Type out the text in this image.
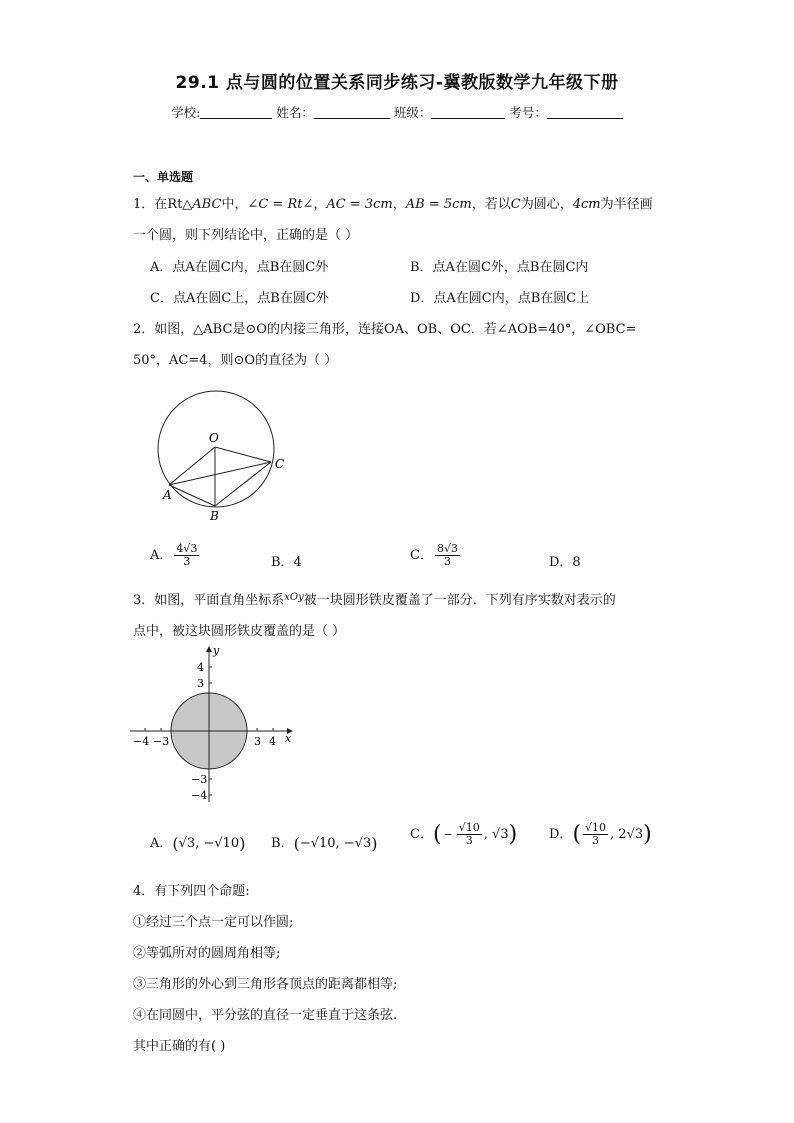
29.1 点与圆的位置关系同步练习-冀教版数学九年级下册
学校:	姓名：	班级：	考号：
一、单选题
1．在Rt△ABC中，∠C = Rt∠，AC = 3cm，AB = 5cm，若以C为圆心，4cm为半径画
一个圆，则下列结论中，正确的是（ ）
A．点A在圆C内，点B在圆C外	B．点A在圆C外，点B在圆C内
C．点A在圆C上，点B在圆C外	D．点A在圆C内，点B在圆C上
2．如图，△ABC是⊙O的内接三角形，连接OA、OB、OC．若∠AOB=40°，∠OBC=
50°，AC=4，则⊙O的直径为（ ）
O
A
B
C
A． $\frac{4√3}{3}$	B．4	C． $\frac{8√3}{3}$	D．8
3．如图，平面直角坐标系$^{xOy}$被一块圆形铁皮覆盖了一部分．下列有序实数对表示的
点中，被这块圆形铁皮覆盖的是（ ）
−4 −3	3 4
4
3
−3
−4
x
y
A．(√3, −√10) B．(−√10, −√3)	C．( − $\frac{√10}{3}$ , √3) D．( $\frac{√10}{3}$ , 2√3)
4．有下列四个命题:
①经过三个点一定可以作圆;
②等弧所对的圆周角相等;
③三角形的外心到三角形各顶点的距离都相等;
④在同圆中，平分弦的直径一定垂直于这条弦.
其中正确的有( )
